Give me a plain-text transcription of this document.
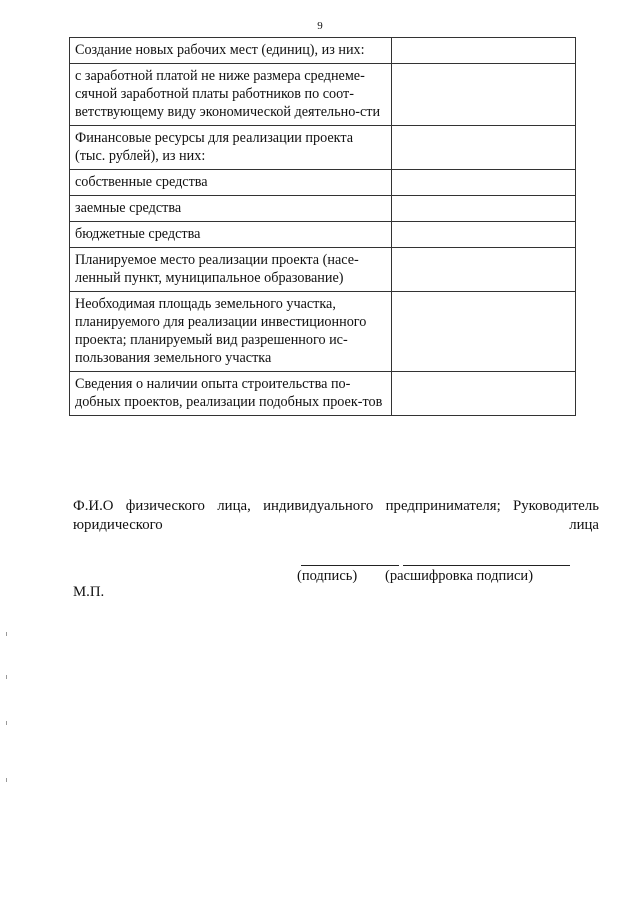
9
Создание новых рабочих мест (единиц), из них:	
с заработной платой не ниже размера среднеме-сячной заработной платы работников по соот-ветствующему виду экономической деятельно-сти	
Финансовые ресурсы для реализации проекта (тыс. рублей), из них:	
собственные средства	
заемные средства	
бюджетные средства	
Планируемое место реализации проекта (насе-ленный пункт, муниципальное образование)	
Необходимая площадь земельного участка, планируемого для реализации инвестиционного проекта; планируемый вид разрешенного ис-пользования земельного участка	
Сведения о наличии опыта строительства по-добных проектов, реализации подобных проек-тов	

Ф.И.О физического лица, индивидуального предпринимателя; Руководитель юридического лица

(подпись) (расшифровка подписи)
М.П.
